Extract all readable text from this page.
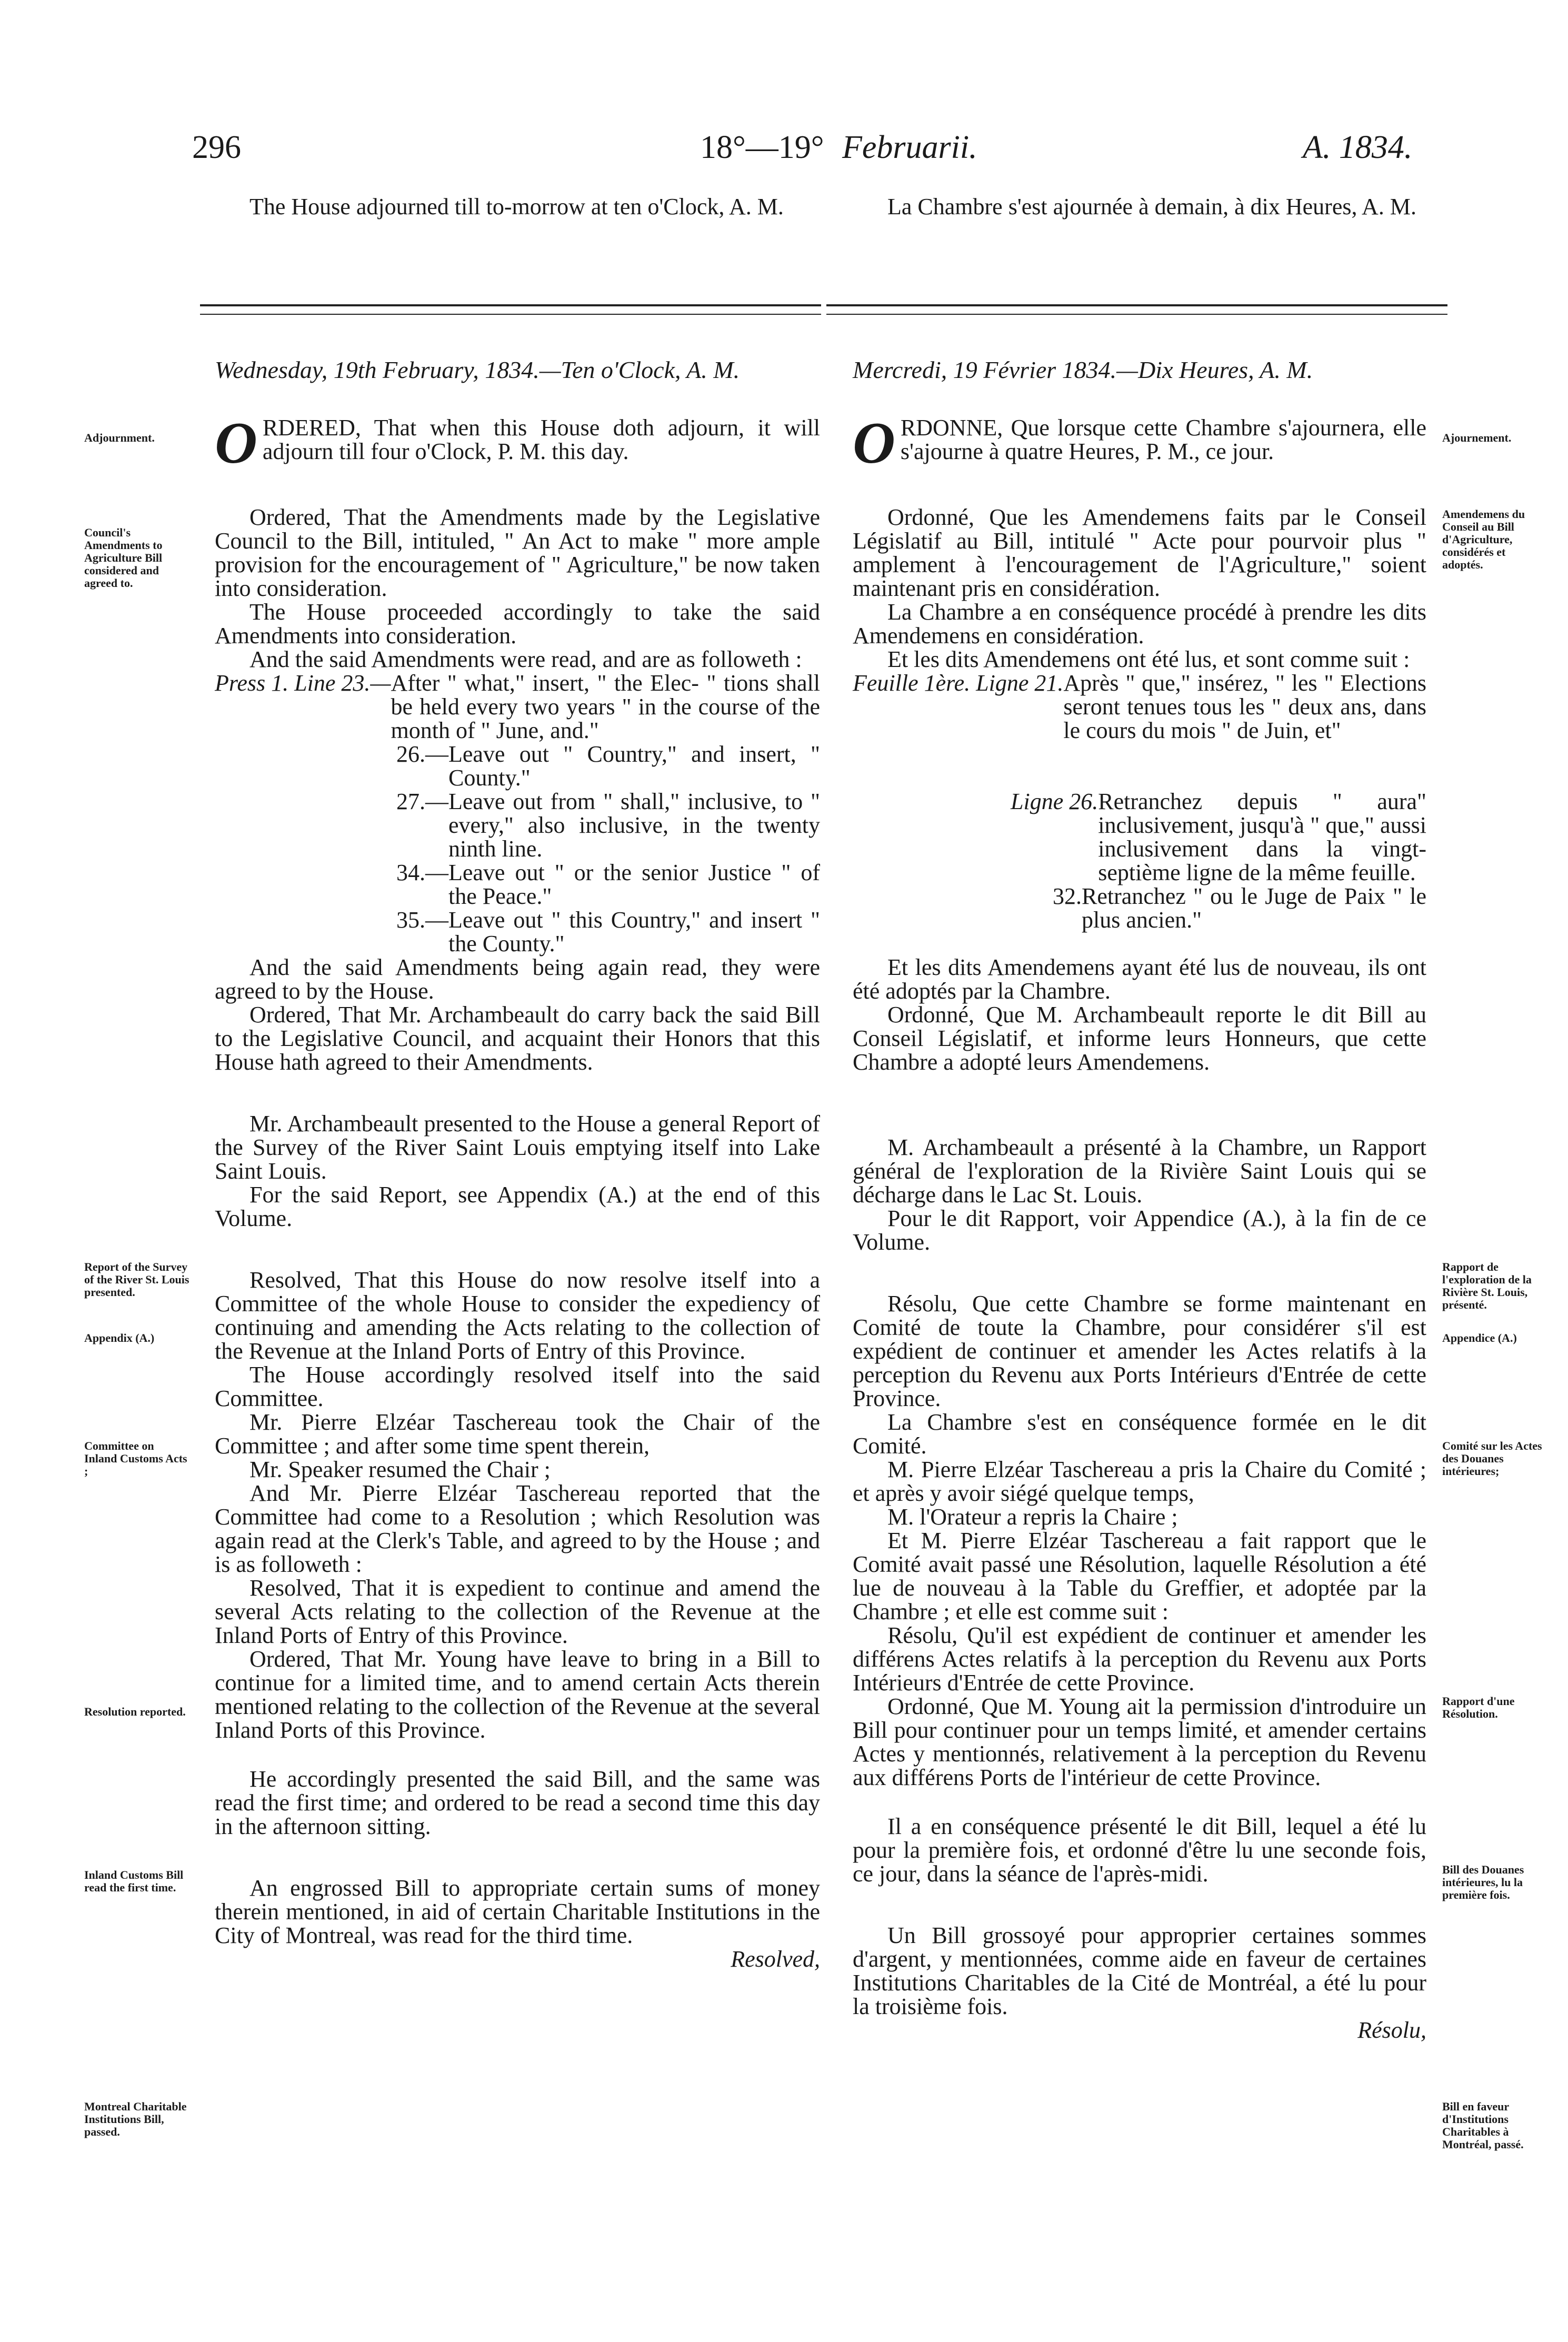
296	18°—19° Februarii.	A. 1834.

The House adjourned till to-morrow at ten o'Clock, A. M.	La Chambre s'est ajournée à demain, à dix Heures, A. M.

Wednesday, 19th February, 1834.—Ten o'Clock, A. M.	Mercredi, 19 Février 1834.—Dix Heures, A. M.

ORDERED, That when this House doth adjourn, it will adjourn till four o'Clock, P. M. this day.

Ordered, That the Amendments made by the Legislative Council to the Bill, intituled, " An Act to make " more ample provision for the encouragement of " Agriculture," be now taken into consideration.

The House proceeded accordingly to take the said Amendments into consideration.

And the said Amendments were read, and are as followeth :

Press 1. Line 23.— After " what," insert, " the Elec- " tions shall be held every two years " in the course of the month of " June, and."
26.— Leave out " Country," and insert, " County."
27.— Leave out from " shall," inclusive, to " every," also inclusive, in the twenty ninth line.
34.— Leave out " or the senior Justice " of the Peace."
35.— Leave out " this Country," and insert " the County."

And the said Amendments being again read, they were agreed to by the House.

Ordered, That Mr. Archambeault do carry back the said Bill to the Legislative Council, and acquaint their Honors that this House hath agreed to their Amendments.

Mr. Archambeault presented to the House a general Report of the Survey of the River Saint Louis emptying itself into Lake Saint Louis.

For the said Report, see Appendix (A.) at the end of this Volume.

Resolved, That this House do now resolve itself into a Committee of the whole House to consider the expediency of continuing and amending the Acts relating to the collection of the Revenue at the Inland Ports of Entry of this Province.

The House accordingly resolved itself into the said Committee.

Mr. Pierre Elzéar Taschereau took the Chair of the Committee ; and after some time spent therein,

Mr. Speaker resumed the Chair ;

And Mr. Pierre Elzéar Taschereau reported that the Committee had come to a Resolution ; which Resolution was again read at the Clerk's Table, and agreed to by the House ; and is as followeth :

Resolved, That it is expedient to continue and amend the several Acts relating to the collection of the Revenue at the Inland Ports of Entry of this Province.

Ordered, That Mr. Young have leave to bring in a Bill to continue for a limited time, and to amend certain Acts therein mentioned relating to the collection of the Revenue at the several Inland Ports of this Province.

He accordingly presented the said Bill, and the same was read the first time; and ordered to be read a second time this day in the afternoon sitting.

An engrossed Bill to appropriate certain sums of money therein mentioned, in aid of certain Charitable Institutions in the City of Montreal, was read for the third time.

Resolved,

ORDONNE, Que lorsque cette Chambre s'ajournera, elle s'ajourne à quatre Heures, P. M., ce jour.

Ordonné, Que les Amendemens faits par le Conseil Législatif au Bill, intitulé " Acte pour pourvoir plus " amplement à l'encouragement de l'Agriculture," soient maintenant pris en considération.

La Chambre a en conséquence procédé à prendre les dits Amendemens en considération.

Et les dits Amendemens ont été lus, et sont comme suit :

Feuille 1ère. Ligne 21. Après " que," insérez, " les " Elections seront tenues tous les " deux ans, dans le cours du mois " de Juin, et"
Ligne 26. Retranchez depuis " aura" inclusivement, jusqu'à " que," aussi inclusivement dans la vingt-septième ligne de la même feuille.
32. Retranchez " ou le Juge de Paix " le plus ancien."

Et les dits Amendemens ayant été lus de nouveau, ils ont été adoptés par la Chambre.

Ordonné, Que M. Archambeault reporte le dit Bill au Conseil Législatif, et informe leurs Honneurs, que cette Chambre a adopté leurs Amendemens.

M. Archambeault a présenté à la Chambre, un Rapport général de l'exploration de la Rivière Saint Louis qui se décharge dans le Lac St. Louis.

Pour le dit Rapport, voir Appendice (A.), à la fin de ce Volume.

Résolu, Que cette Chambre se forme maintenant en Comité de toute la Chambre, pour considérer s'il est expédient de continuer et amender les Actes relatifs à la perception du Revenu aux Ports Intérieurs d'Entrée de cette Province.

La Chambre s'est en conséquence formée en le dit Comité.

M. Pierre Elzéar Taschereau a pris la Chaire du Comité ; et après y avoir siégé quelque temps,

M. l'Orateur a repris la Chaire ;

Et M. Pierre Elzéar Taschereau a fait rapport que le Comité avait passé une Résolution, laquelle Résolution a été lue de nouveau à la Table du Greffier, et adoptée par la Chambre ; et elle est comme suit :

Résolu, Qu'il est expédient de continuer et amender les différens Actes relatifs à la perception du Revenu aux Ports Intérieurs d'Entrée de cette Province.

Ordonné, Que M. Young ait la permission d'introduire un Bill pour continuer pour un temps limité, et amender certains Actes y mentionnés, relativement à la perception du Revenu aux différens Ports de l'intérieur de cette Province.

Il a en conséquence présenté le dit Bill, lequel a été lu pour la première fois, et ordonné d'être lu une seconde fois, ce jour, dans la séance de l'après-midi.

Un Bill grossoyé pour approprier certaines sommes d'argent, y mentionnées, comme aide en faveur de certaines Institutions Charitables de la Cité de Montréal, a été lu pour la troisième fois.

Résolu,

Adjournment.
Council's Amendments to Agriculture Bill considered and agreed to.
Report of the Survey of the River St. Louis presented.
Appendix (A.)
Committee on Inland Customs Acts ;
Resolution reported.
Inland Customs Bill read the first time.
Montreal Charitable Institutions Bill, passed.
Ajournement.
Amendemens du Conseil au Bill d'Agriculture, considérés et adoptés.
Rapport de l'exploration de la Rivière St. Louis, présenté.
Appendice (A.)
Comité sur les Actes des Douanes intérieures;
Rapport d'une Résolution.
Bill des Douanes intérieures, lu la première fois.
Bill en faveur d'Institutions Charitables à Montréal, passé.
